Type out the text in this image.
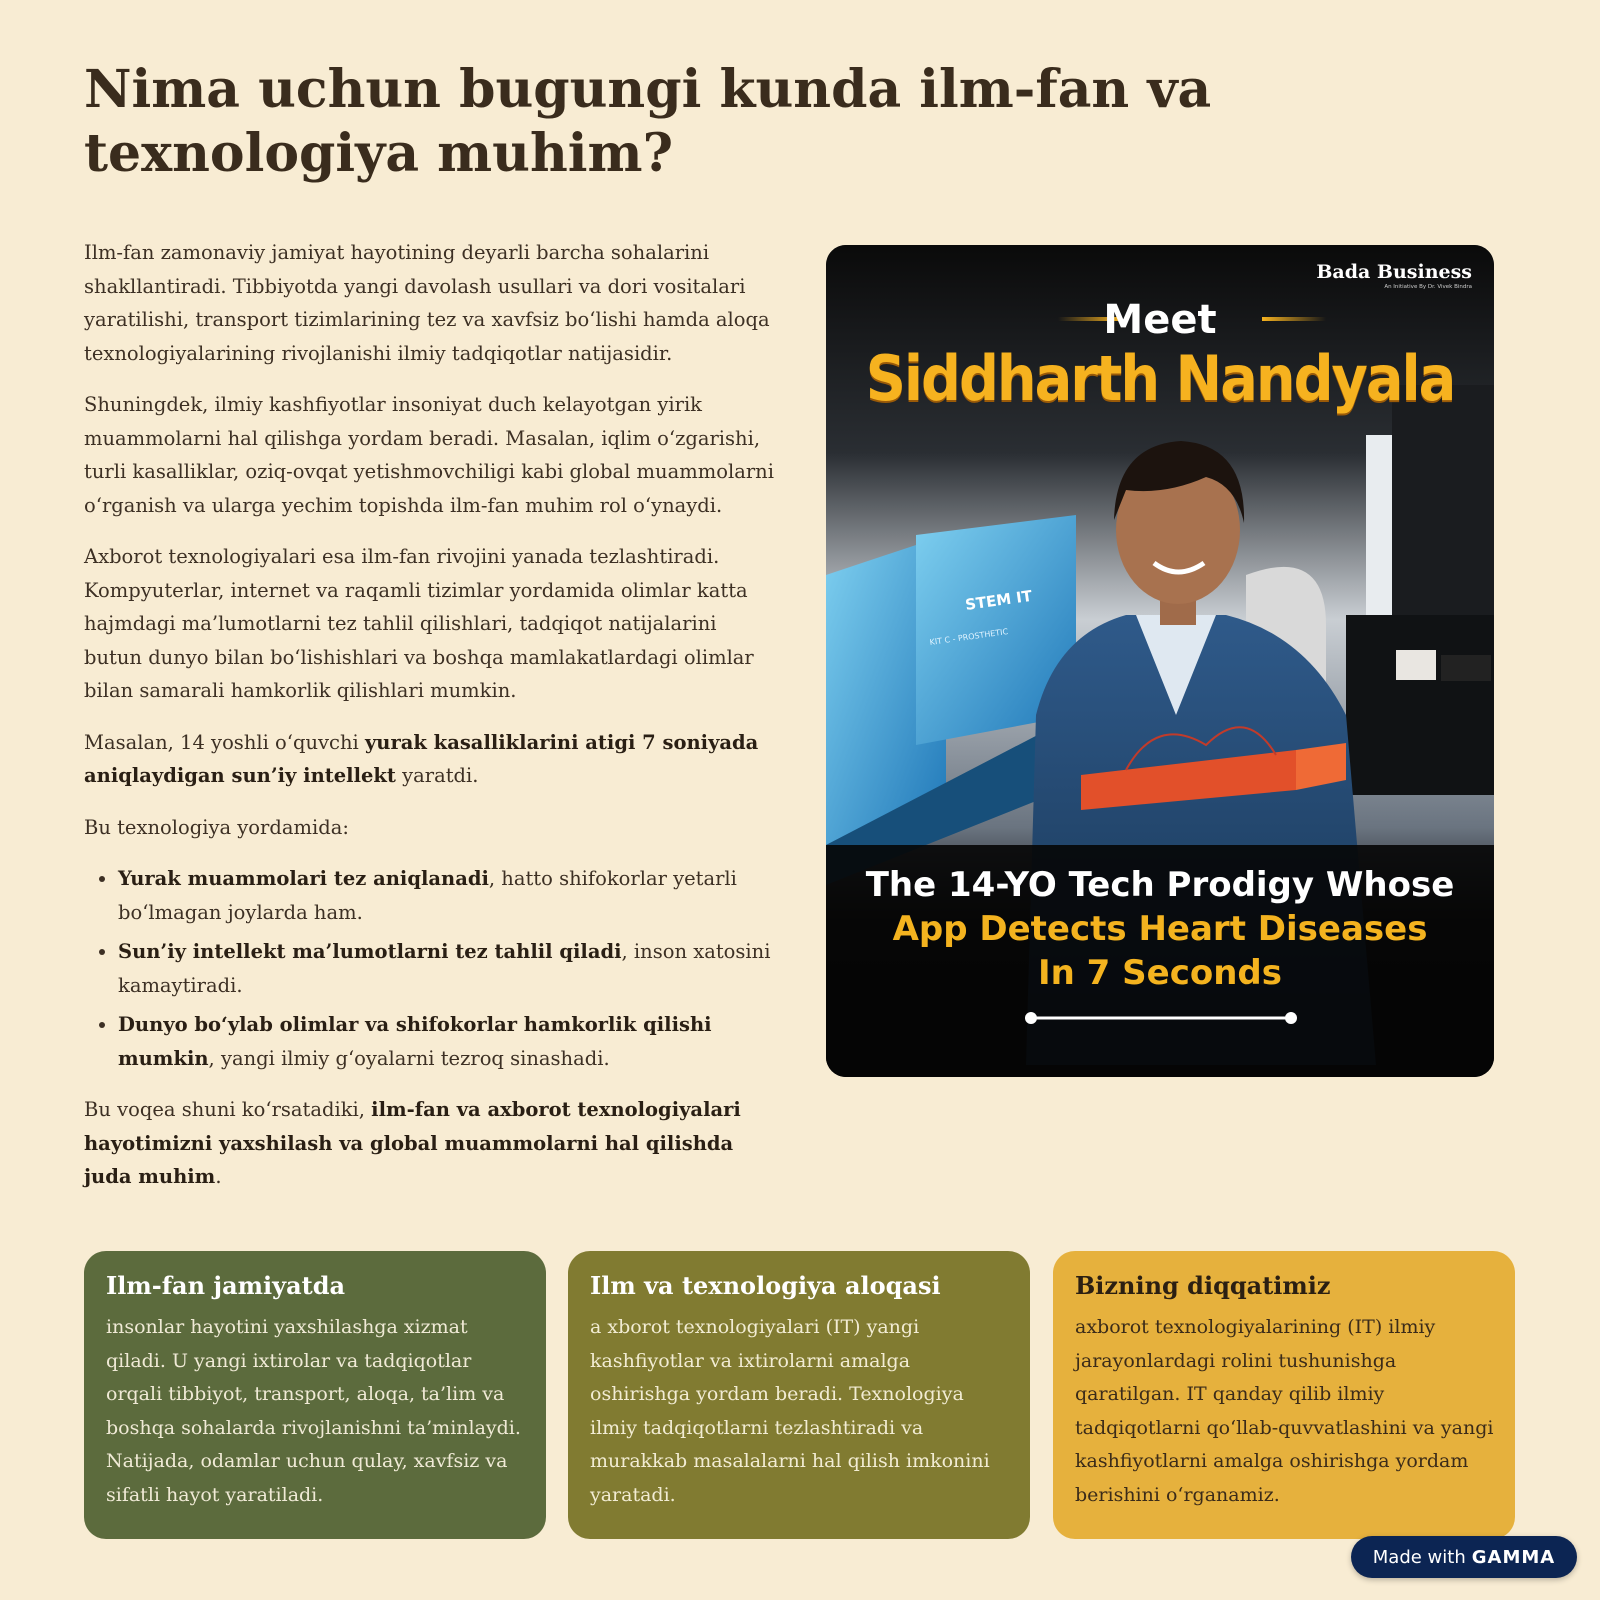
Nima uchun bugungi kunda ilm-fan va texnologiya muhim?

Ilm-fan zamonaviy jamiyat hayotining deyarli barcha sohalarini shakllantiradi. Tibbiyotda yangi davolash usullari va dori vositalari yaratilishi, transport tizimlarining tez va xavfsiz bo‘lishi hamda aloqa texnologiyalarining rivojlanishi ilmiy tadqiqotlar natijasidir.

Shuningdek, ilmiy kashfiyotlar insoniyat duch kelayotgan yirik muammolarni hal qilishga yordam beradi. Masalan, iqlim o‘zgarishi, turli kasalliklar, oziq-ovqat yetishmovchiligi kabi global muammolarni o‘rganish va ularga yechim topishda ilm-fan muhim rol o‘ynaydi.

Axborot texnologiyalari esa ilm-fan rivojini yanada tezlashtiradi. Kompyuterlar, internet va raqamli tizimlar yordamida olimlar katta hajmdagi ma’lumotlarni tez tahlil qilishlari, tadqiqot natijalarini butun dunyo bilan bo‘lishishlari va boshqa mamlakatlardagi olimlar bilan samarali hamkorlik qilishlari mumkin.

Masalan, 14 yoshli o‘quvchi yurak kasalliklarini atigi 7 soniyada aniqlaydigan sun’iy intellekt yaratdi.

Bu texnologiya yordamida:

• Yurak muammolari tez aniqlanadi, hatto shifokorlar yetarli bo‘lmagan joylarda ham.
• Sun’iy intellekt ma’lumotlarni tez tahlil qiladi, inson xatosini kamaytiradi.
• Dunyo bo‘ylab olimlar va shifokorlar hamkorlik qilishi mumkin, yangi ilmiy g‘oyalarni tezroq sinashadi.

Bu voqea shuni ko‘rsatadiki, ilm-fan va axborot texnologiyalari hayotimizni yaxshilash va global muammolarni hal qilishda juda muhim.

STEM IT
KIT C - PROSTHETIC
Bada Business
An Initiative By Dr. Vivek Bindra
Meet
Siddharth Nandyala
The 14-YO Tech Prodigy Whose
App Detects Heart Diseases
In 7 Seconds
Ilm-fan jamiyatda

insonlar hayotini yaxshilashga xizmat qiladi. U yangi ixtirolar va tadqiqotlar orqali tibbiyot, transport, aloqa, ta’lim va boshqa sohalarda rivojlanishni ta’minlaydi. Natijada, odamlar uchun qulay, xavfsiz va sifatli hayot yaratiladi.

Ilm va texnologiya aloqasi

a xborot texnologiyalari (IT) yangi kashfiyotlar va ixtirolarni amalga oshirishga yordam beradi. Texnologiya ilmiy tadqiqotlarni tezlashtiradi va murakkab masalalarni hal qilish imkonini yaratadi.

Bizning diqqatimiz

axborot texnologiyalarining (IT) ilmiy jarayonlardagi rolini tushunishga qaratilgan. IT qanday qilib ilmiy tadqiqotlarni qo‘llab-quvvatlashini va yangi kashfiyotlarni amalga oshirishga yordam berishini o‘rganamiz.

Made with GAMMA
